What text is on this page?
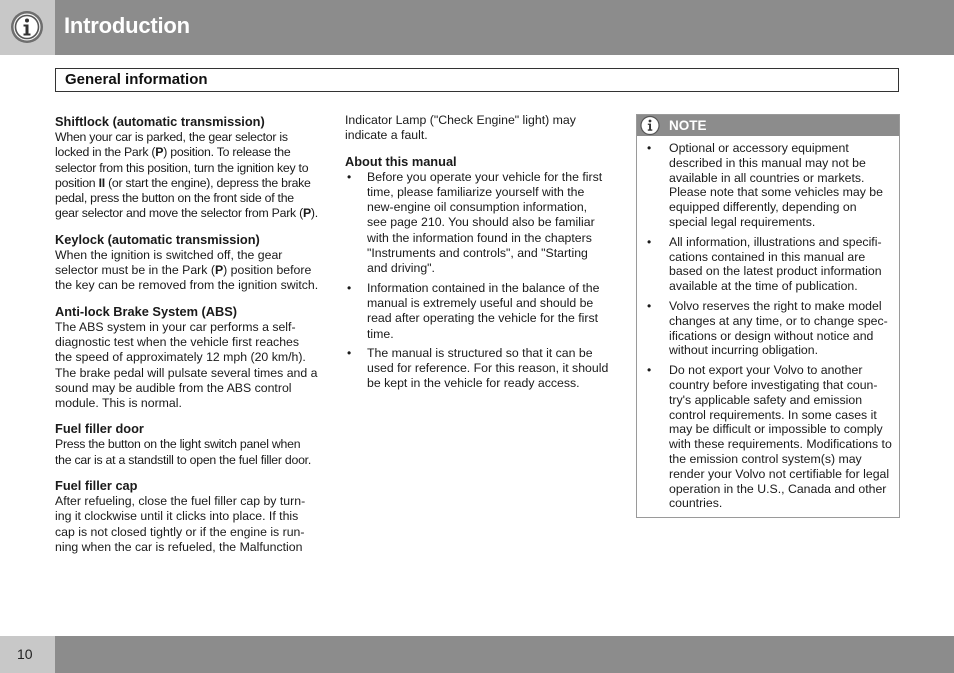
Introduction
General information
Shiftlock (automatic transmission)

When your car is parked, the gear selector is locked in the Park (P) position. To release the selector from this position, turn the ignition key to position II (or start the engine), depress the brake pedal, press the button on the front side of the gear selector and move the selector from Park (P).

Keylock (automatic transmission)

When the ignition is switched off, the gear selector must be in the Park (P) position before the key can be removed from the ignition switch.

Anti-lock Brake System (ABS)

The ABS system in your car performs a self-diagnostic test when the vehicle first reaches the speed of approximately 12 mph (20 km/h). The brake pedal will pulsate several times and a sound may be audible from the ABS control module. This is normal.

Fuel filler door

Press the button on the light switch panel when the car is at a standstill to open the fuel filler door.

Fuel filler cap

After refueling, close the fuel filler cap by turn-ing it clockwise until it clicks into place. If this cap is not closed tightly or if the engine is run-ning when the car is refueled, the Malfunction

Indicator Lamp ("Check Engine" light) may indicate a fault.

About this manual
• Before you operate your vehicle for the first time, please familiarize yourself with the new-engine oil consumption information, see page 210. You should also be familiar with the information found in the chapters "Instruments and controls", and "Starting and driving".
• Information contained in the balance of the manual is extremely useful and should be read after operating the vehicle for the first time.
• The manual is structured so that it can be used for reference. For this reason, it should be kept in the vehicle for ready access.
NOTE
• Optional or accessory equipment described in this manual may not be available in all countries or markets. Please note that some vehicles may be equipped differently, depending on special legal requirements.
• All information, illustrations and specifi-cations contained in this manual are based on the latest product information available at the time of publication.
• Volvo reserves the right to make model changes at any time, or to change spec-ifications or design without notice and without incurring obligation.
• Do not export your Volvo to another country before investigating that coun-try's applicable safety and emission control requirements. In some cases it may be difficult or impossible to comply with these requirements. Modifications to the emission control system(s) may render your Volvo not certifiable for legal operation in the U.S., Canada and other countries.
10
